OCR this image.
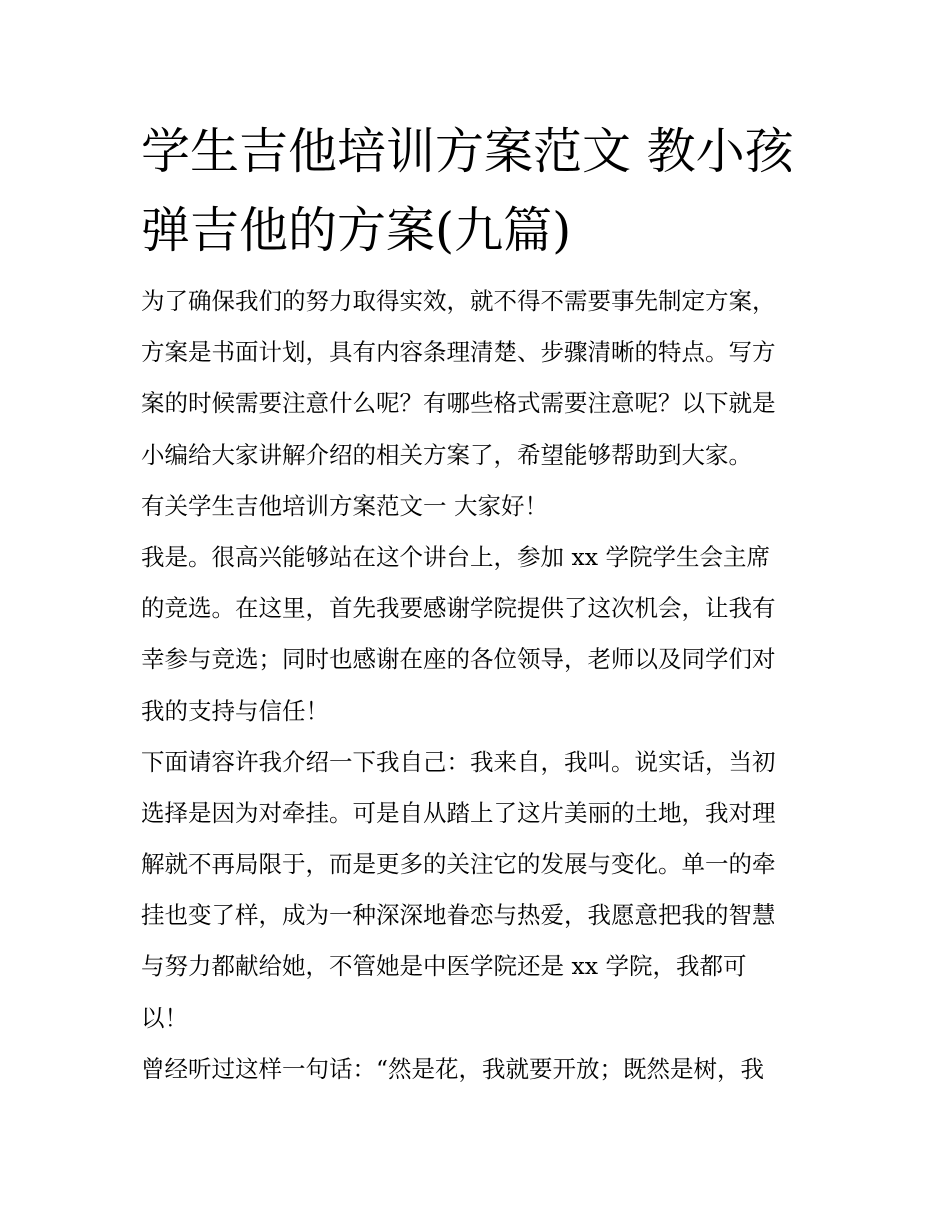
学生吉他培训方案范文 教小孩
弹吉他的方案(九篇)
为了确保我们的努力取得实效，就不得不需要事先制定方案，
方案是书面计划，具有内容条理清楚、步骤清晰的特点。写方
案的时候需要注意什么呢？有哪些格式需要注意呢？以下就是
小编给大家讲解介绍的相关方案了，希望能够帮助到大家。
有关学生吉他培训方案范文一 大家好！
我是。很高兴能够站在这个讲台上，参加 xx 学院学生会主席
的竞选。在这里，首先我要感谢学院提供了这次机会，让我有
幸参与竞选；同时也感谢在座的各位领导，老师以及同学们对
我的支持与信任！
下面请容许我介绍一下我自己：我来自，我叫。说实话，当初
选择是因为对牵挂。可是自从踏上了这片美丽的土地，我对理
解就不再局限于，而是更多的关注它的发展与变化。单一的牵
挂也变了样，成为一种深深地眷恋与热爱，我愿意把我的智慧
与努力都献给她，不管她是中医学院还是 xx 学院，我都可
以！
曾经听过这样一句话：“然是花，我就要开放；既然是树，我
